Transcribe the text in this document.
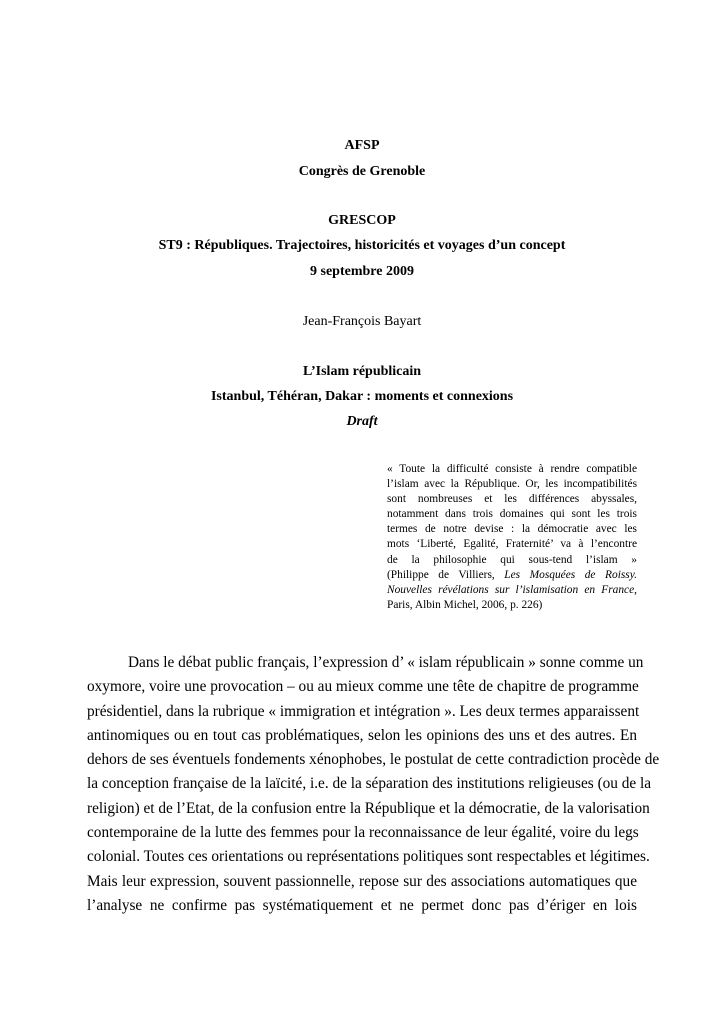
AFSP
Congrès de Grenoble
GRESCOP
ST9 : Républiques. Trajectoires, historicités et voyages d’un concept
9 septembre 2009
Jean-François Bayart
L’Islam républicain
Istanbul, Téhéran, Dakar : moments et connexions
Draft
« Toute la difficulté consiste à rendre compatible
l’islam avec la République. Or, les incompatibilités
sont nombreuses et les différences abyssales,
notamment dans trois domaines qui sont les trois
termes de notre devise : la démocratie avec les
mots ‘Liberté, Egalité, Fraternité’ va à l’encontre
de la philosophie qui sous-tend l’islam »
(Philippe de Villiers, Les Mosquées de Roissy.
Nouvelles révélations sur l’islamisation en France,
Paris, Albin Michel, 2006, p. 226)
Dans le débat public français, l’expression d’ « islam républicain » sonne comme un
oxymore, voire une provocation – ou au mieux comme une tête de chapitre de programme
présidentiel, dans la rubrique « immigration et intégration ». Les deux termes apparaissent
antinomiques ou en tout cas problématiques, selon les opinions des uns et des autres. En
dehors de ses éventuels fondements xénophobes, le postulat de cette contradiction procède de
la conception française de la laïcité, i.e. de la séparation des institutions religieuses (ou de la
religion) et de l’Etat, de la confusion entre la République et la démocratie, de la valorisation
contemporaine de la lutte des femmes pour la reconnaissance de leur égalité, voire du legs
colonial. Toutes ces orientations ou représentations politiques sont respectables et légitimes.
Mais leur expression, souvent passionnelle, repose sur des associations automatiques que
l’analyse ne confirme pas systématiquement et ne permet donc pas d’ériger en lois
